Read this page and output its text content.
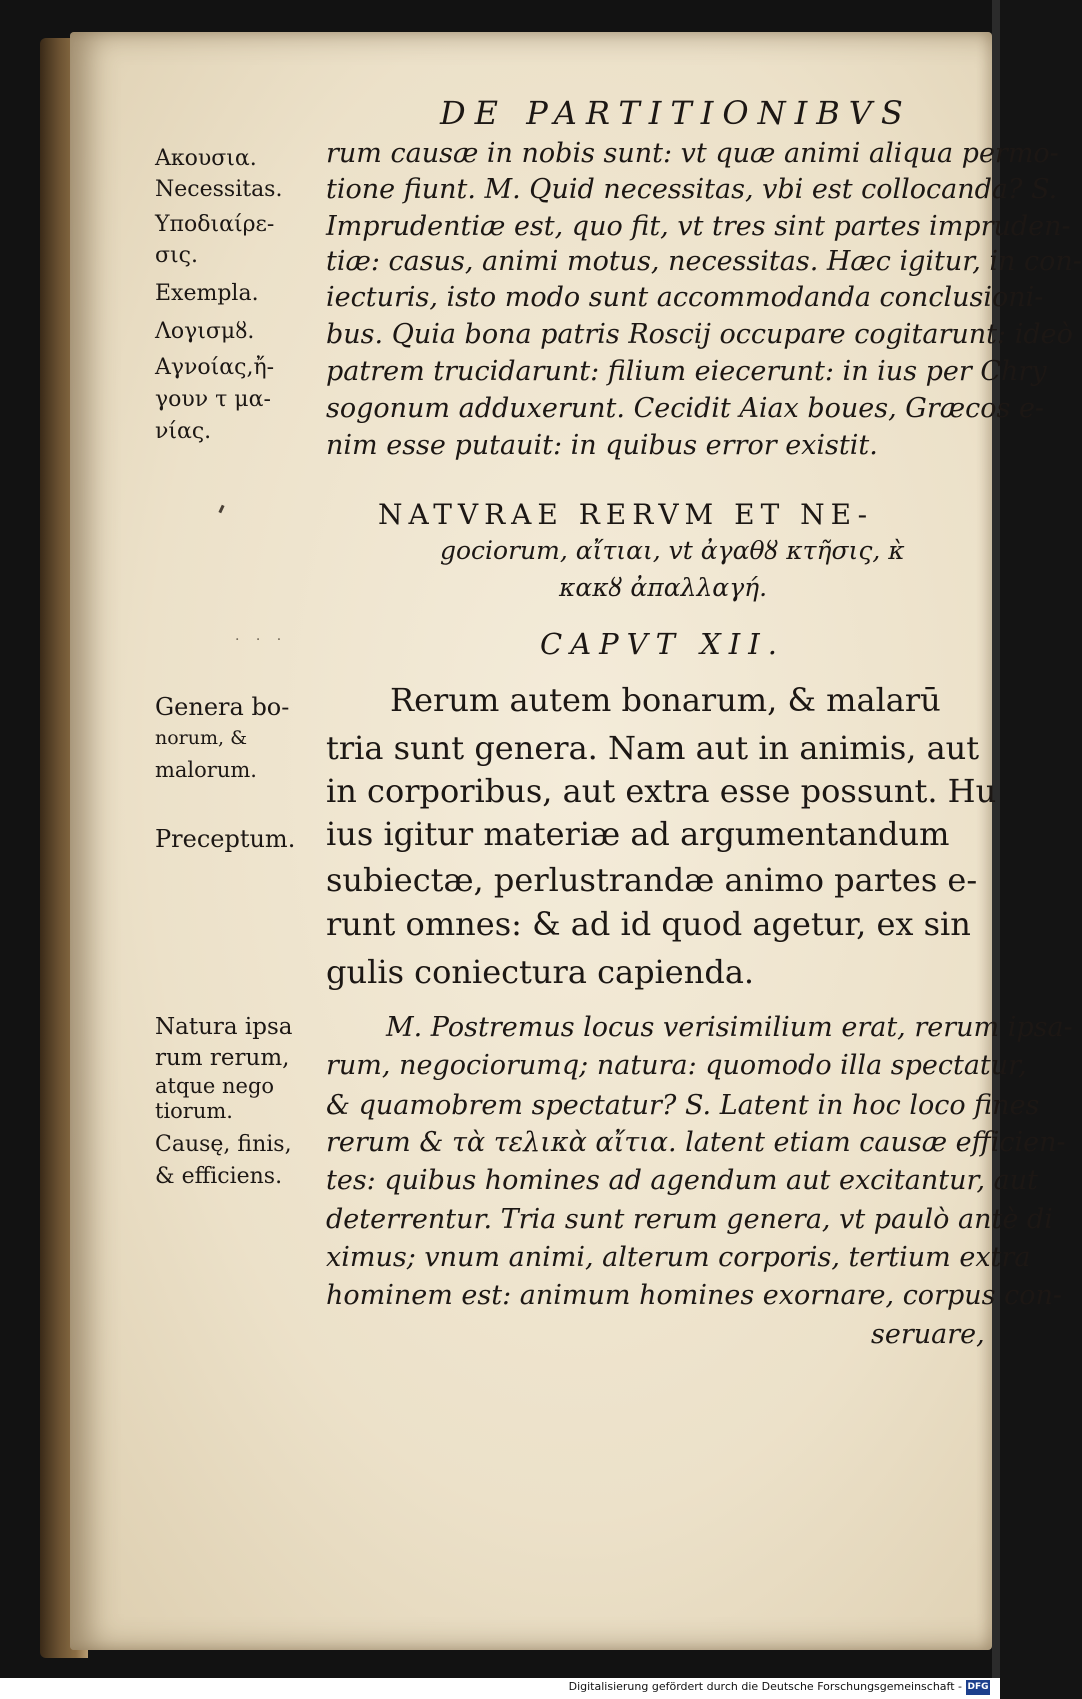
DE PARTITIONIBVS
Ακουσια.
Necessitas.
Υποδιαίρε-
σις.
Exempla.
Λογισμȣ.
Αγνοίας,ἤ-
γουν τ μα-
νίας.
rum causæ in nobis sunt: vt quæ animi aliqua permo-
tione fiunt. M. Quid necessitas, vbi est collocanda? S.
Imprudentiæ est, quo fit, vt tres sint partes impruden-
tiæ: casus, animi motus, necessitas. Hæc igitur, in con-
iecturis, isto modo sunt accommodanda conclusioni-
bus. Quia bona patris Roscij occupare cogitarunt: ideò
patrem trucidarunt: filium eiecerunt: in ius per Chry
sogonum adduxerunt. Cecidit Aiax boues, Græcos e-
nim esse putauit: in quibus error existit.
NATVRAE RERVM ET NE-
gociorum, αἴτιαι, vt ἀγαθȣ κτῆσις, κ̀
κακȣ ἀπαλλαγή.
· · ·	CAPVT XII.
Genera bo-
norum, &
malorum.
Preceptum.
Rerum autem bonarum, & malarū
tria sunt genera. Nam aut in animis, aut
in corporibus, aut extra esse possunt. Hu
ius igitur materiæ ad argumentandum
subiectæ, perlustrandæ animo partes e-
runt omnes: & ad id quod agetur, ex sin
gulis coniectura capienda.
Natura ipsa
rum rerum,
atque nego
tiorum.
Causę, finis,
& efficiens.
M. Postremus locus verisimilium erat, rerum ipsa-
rum, negociorumq; natura: quomodo illa spectatur,
& quamobrem spectatur? S. Latent in hoc loco fines
rerum & τὰ τελικὰ αἴτια. latent etiam causæ efficien-
tes: quibus homines ad agendum aut excitantur, aut
deterrentur. Tria sunt rerum genera, vt paulò antè di
ximus; vnum animi, alterum corporis, tertium extra
hominem est: animum homines exornare, corpus con-
seruare,
Digitalisierung gefördert durch die Deutsche Forschungsgemeinschaft - DFG
